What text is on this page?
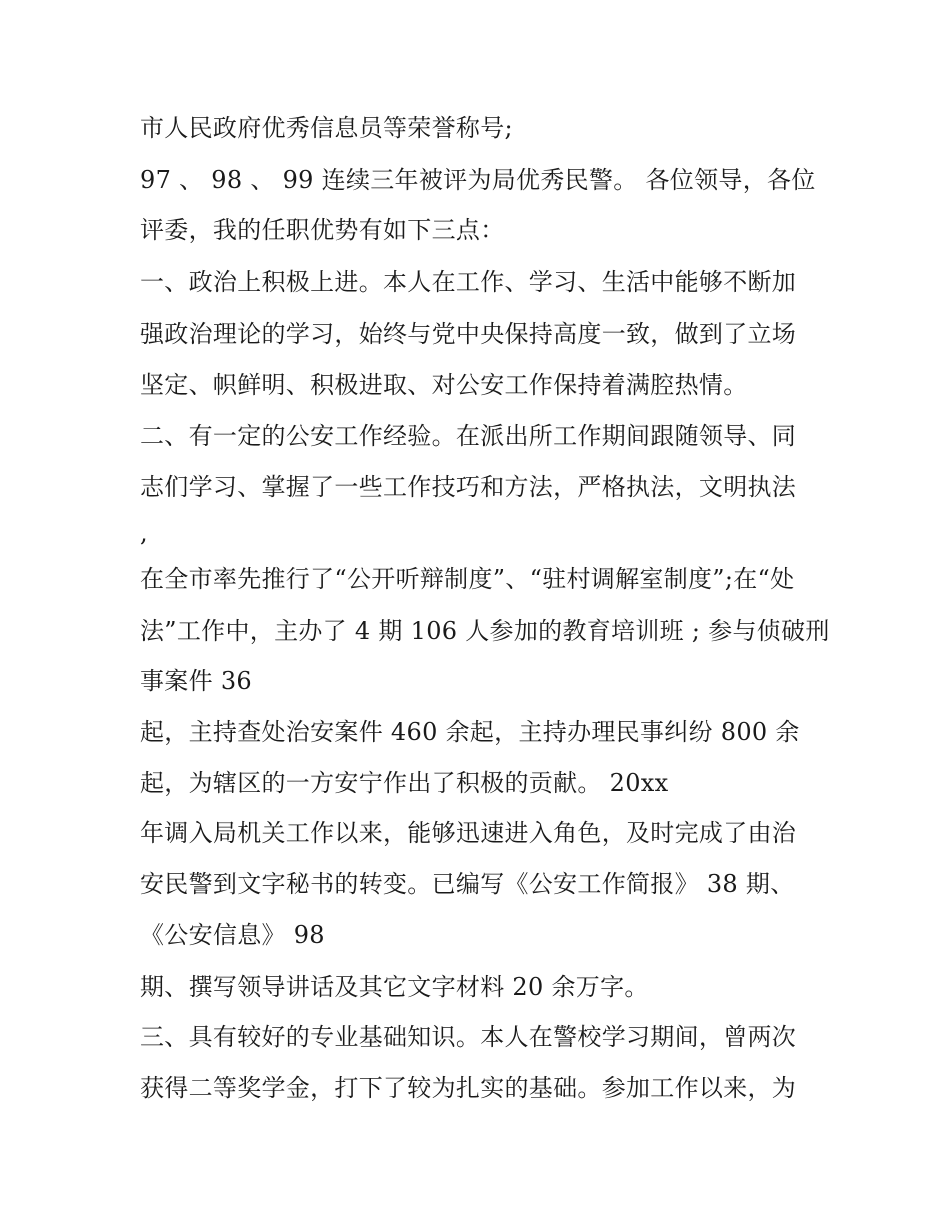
市人民政府优秀信息员等荣誉称号;

97 、 98 、 99 连续三年被评为局优秀民警。 各位领导，各位

评委，我的任职优势有如下三点：

一、政治上积极上进。本人在工作、学习、生活中能够不断加

强政治理论的学习，始终与党中央保持高度一致，做到了立场

坚定、帜鲜明、积极进取、对公安工作保持着满腔热情。

二、有一定的公安工作经验。在派出所工作期间跟随领导、同

志们学习、掌握了一些工作技巧和方法，严格执法，文明执法

,

在全市率先推行了“公开听辩制度”、“驻村调解室制度”;在“处

法”工作中，主办了 4 期 106 人参加的教育培训班 ; 参与侦破刑

事案件 36

起，主持查处治安案件 460 余起，主持办理民事纠纷 800 余

起，为辖区的一方安宁作出了积极的贡献。 20xx

年调入局机关工作以来，能够迅速进入角色，及时完成了由治

安民警到文字秘书的转变。已编写《公安工作简报》 38 期、

《公安信息》 98

期、撰写领导讲话及其它文字材料 20 余万字。

三、具有较好的专业基础知识。本人在警校学习期间，曾两次

获得二等奖学金，打下了较为扎实的基础。参加工作以来，为
